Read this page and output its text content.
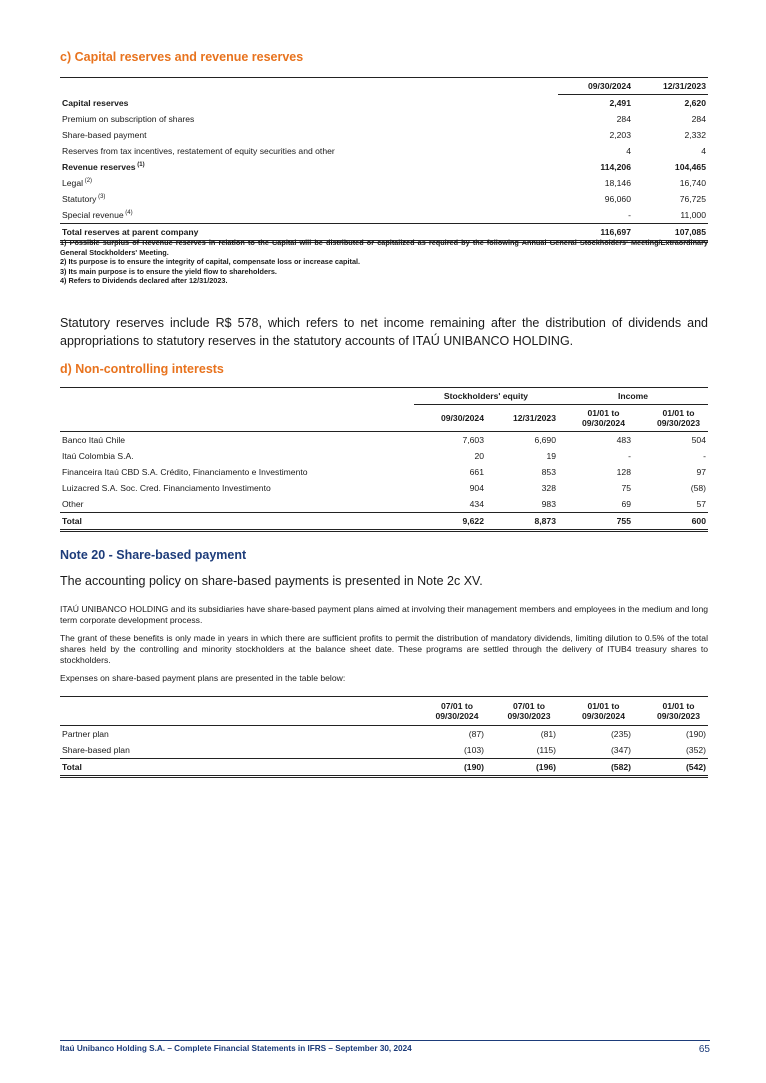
c) Capital reserves and revenue reserves
	09/30/2024	12/31/2023
Capital reserves	2,491	2,620
Premium on subscription of shares	284	284
Share-based payment	2,203	2,332
Reserves from tax incentives, restatement of equity securities and other	4	4
Revenue reserves $^{(1)}$	114,206	104,465
Legal $^{(2)}$	18,146	16,740
Statutory $^{(3)}$	96,060	76,725
Special revenue $^{(4)}$	-	11,000
Total reserves at parent company	116,697	107,085
1) Possible surplus of Revenue reserves in relation to the Capital will be distributed or capitalized as required by the following Annual General Stockholders' Meeting/Extraordinary General Stockholders' Meeting.
2) Its purpose is to ensure the integrity of capital, compensate loss or increase capital.
3) Its main purpose is to ensure the yield flow to shareholders.
4) Refers to Dividends declared after 12/31/2023.

Statutory reserves include R$ 578, which refers to net income remaining after the distribution of dividends and appropriations to statutory reserves in the statutory accounts of ITAÚ UNIBANCO HOLDING.

d) Non-controlling interests
	Stockholders' equity		Income	
	09/30/2024	12/31/2023	01/01 to 09/30/2024	01/01 to 09/30/2023
Banco Itaú Chile	7,603	6,690	483	504
Itaú Colombia S.A.	20	19	-	-
Financeira Itaú CBD S.A. Crédito, Financiamento e Investimento	661	853	128	97
Luizacred S.A. Soc. Cred. Financiamento Investimento	904	328	75	(58)
Other	434	983	69	57
Total	9,622	8,873	755	600
Note 20 - Share-based payment
The accounting policy on share-based payments is presented in Note 2c XV.

ITAÚ UNIBANCO HOLDING and its subsidiaries have share-based payment plans aimed at involving their management members and employees in the medium and long term corporate development process.

The grant of these benefits is only made in years in which there are sufficient profits to permit the distribution of mandatory dividends, limiting dilution to 0.5% of the total shares held by the controlling and minority stockholders at the balance sheet date. These programs are settled through the delivery of ITUB4 treasury shares to stockholders.

Expenses on share-based payment plans are presented in the table below:

	07/01 to 09/30/2024	07/01 to 09/30/2023	01/01 to 09/30/2024	01/01 to 09/30/2023
Partner plan	(87)	(81)	(235)	(190)
Share-based plan	(103)	(115)	(347)	(352)
Total	(190)	(196)	(582)	(542)
Itaú Unibanco Holding S.A. – Complete Financial Statements in IFRS – September 30, 2024	65
